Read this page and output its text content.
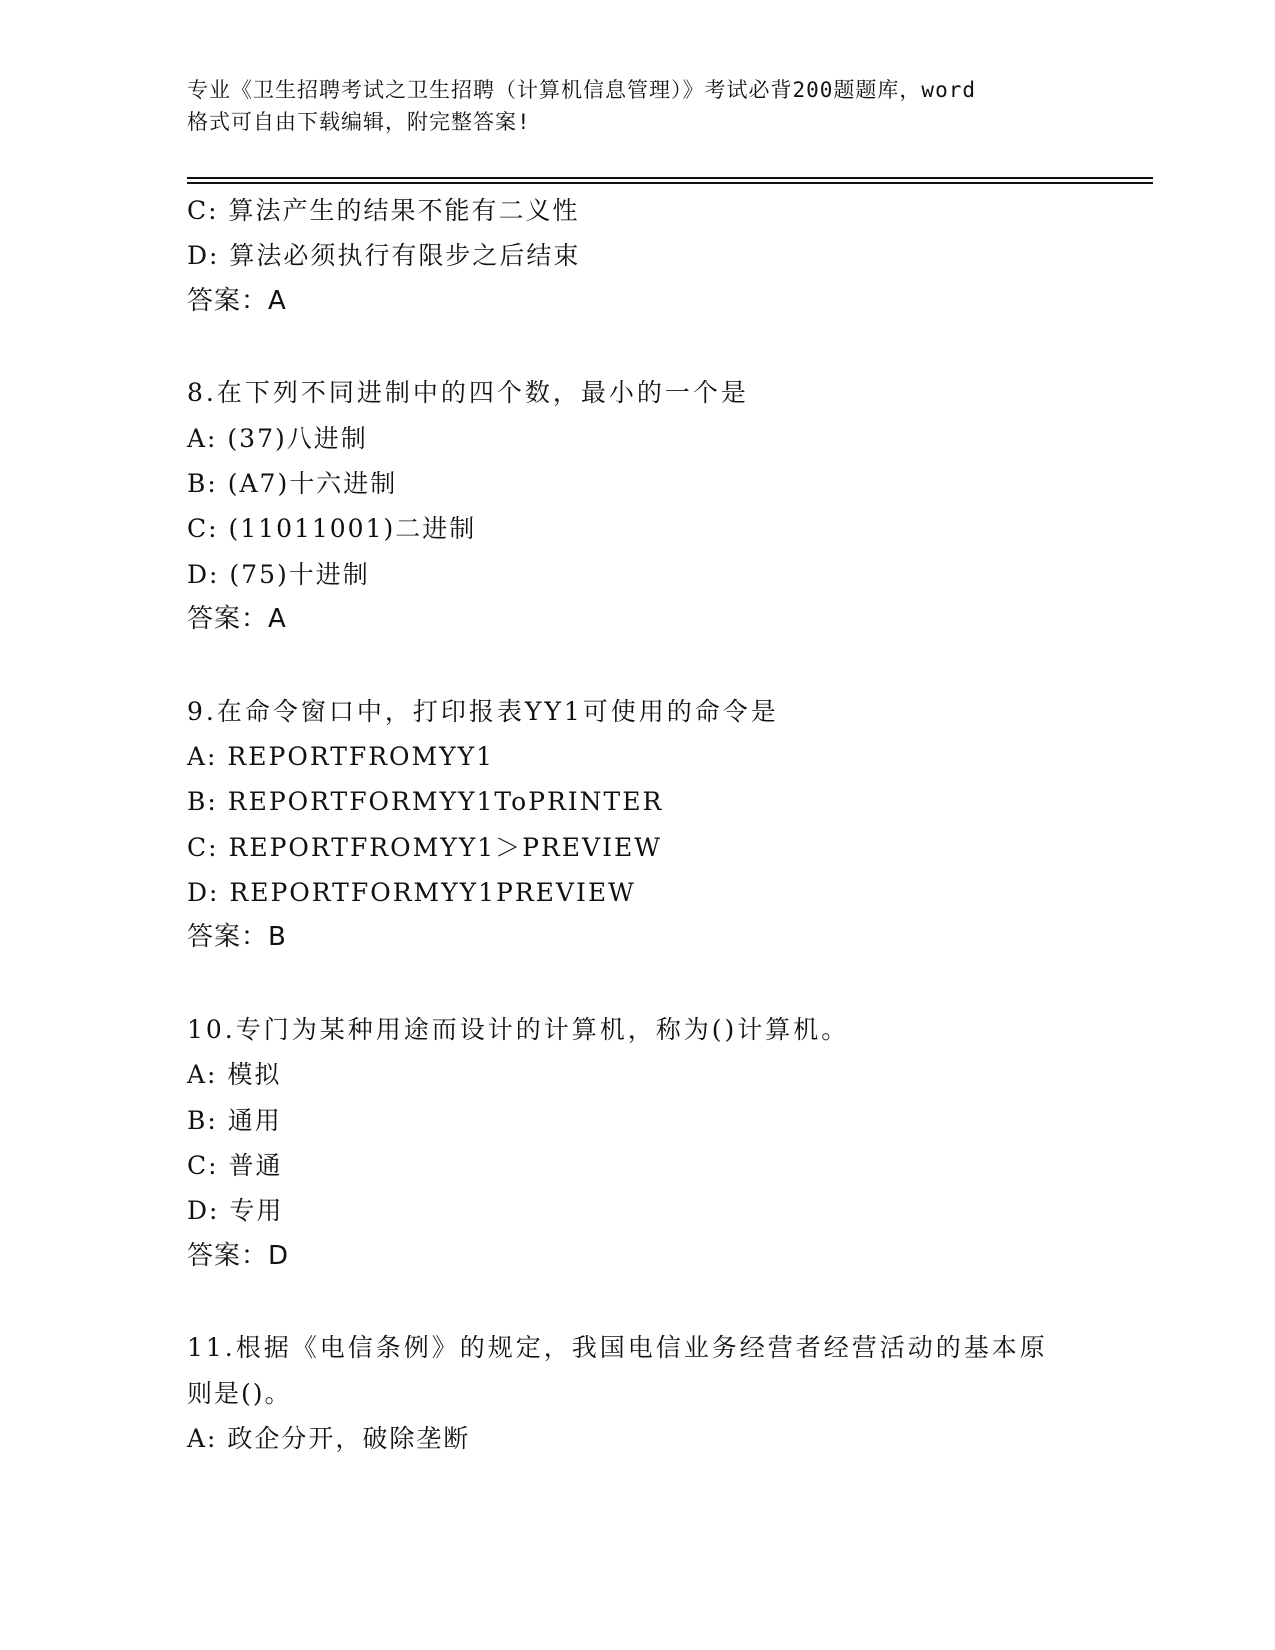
专业《卫生招聘考试之卫生招聘（计算机信息管理）》考试必背200题题库，word
格式可自由下载编辑，附完整答案!
C: 算法产生的结果不能有二义性
D: 算法必须执行有限步之后结束
答案：A
8.在下列不同进制中的四个数，最小的一个是
A: (37)八进制
B: (A7)十六进制
C: (11011001)二进制
D: (75)十进制
答案：A
9.在命令窗口中，打印报表YY1可使用的命令是
A: REPORTFROMYY1
B: REPORTFORMYY1ToPRINTER
C: REPORTFROMYY1＞PREVIEW
D: REPORTFORMYY1PREVIEW
答案：B
10.专门为某种用途而设计的计算机，称为()计算机。
A: 模拟
B: 通用
C: 普通
D: 专用
答案：D
11.根据《电信条例》的规定，我国电信业务经营者经营活动的基本原
则是()。
A: 政企分开，破除垄断
